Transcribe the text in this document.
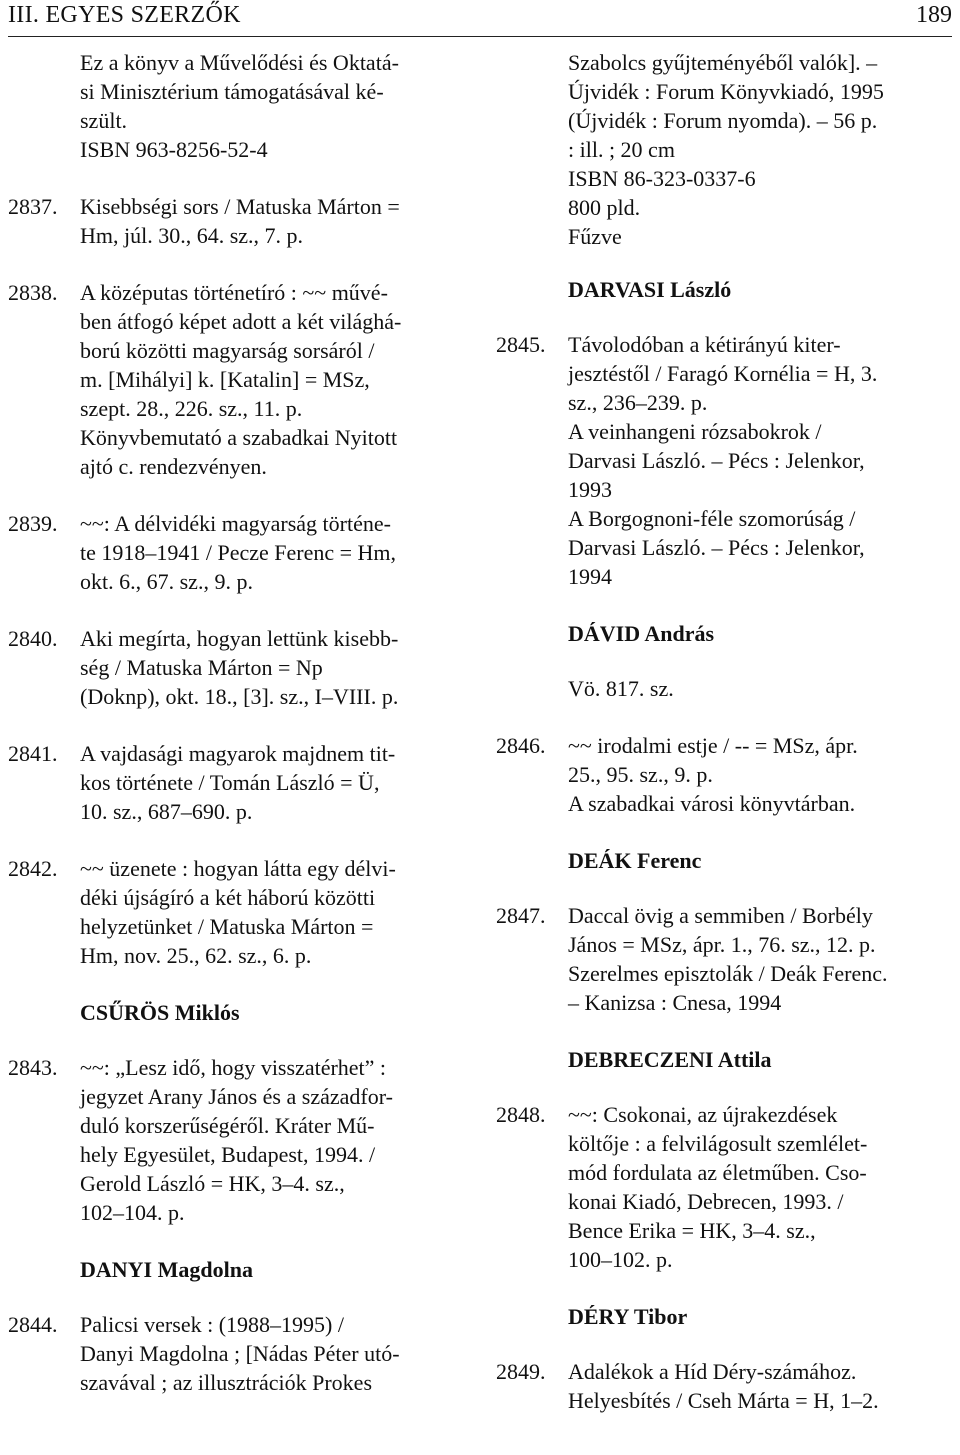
III. EGYES SZERZŐK	189
Ez a könyv a Művelődési és Oktatá-
si Minisztérium támogatásával ké-
szült.
ISBN 963-8256-52-4
2837. Kisebbségi sors / Matuska Márton =
Hm, júl. 30., 64. sz., 7. p.
2838. A középutas történetíró : ~~ művé-
ben átfogó képet adott a két világhá-
ború közötti magyarság sorsáról /
m. [Mihályi] k. [Katalin] = MSz,
szept. 28., 226. sz., 11. p.
Könyvbemutató a szabadkai Nyitott
ajtó c. rendezvényen.
2839. ~~: A délvidéki magyarság történe-
te 1918–1941 / Pecze Ferenc = Hm,
okt. 6., 67. sz., 9. p.
2840. Aki megírta, hogyan lettünk kisebb-
ség / Matuska Márton = Np
(Doknp), okt. 18., [3]. sz., I–VIII. p.
2841. A vajdasági magyarok majdnem tit-
kos története / Tomán László = Ü,
10. sz., 687–690. p.
2842. ~~ üzenete : hogyan látta egy délvi-
déki újságíró a két háború közötti
helyzetünket / Matuska Márton =
Hm, nov. 25., 62. sz., 6. p.
CSŰRÖS Miklós
2843. ~~: „Lesz idő, hogy visszatérhet” :
jegyzet Arany János és a századfor-
duló korszerűségéről. Kráter Mű-
hely Egyesület, Budapest, 1994. /
Gerold László = HK, 3–4. sz.,
102–104. p.
DANYI Magdolna
2844. Palicsi versek : (1988–1995) /
Danyi Magdolna ; [Nádas Péter utó-
szavával ; az illusztrációk Prokes
Szabolcs gyűjteményéből valók]. –
Újvidék : Forum Könyvkiadó, 1995
(Újvidék : Forum nyomda). – 56 p.
: ill. ; 20 cm
ISBN 86-323-0337-6
800 pld.
Fűzve
DARVASI László
2845. Távolodóban a kétirányú kiter-
jesztéstől / Faragó Kornélia = H, 3.
sz., 236–239. p.
A veinhangeni rózsabokrok /
Darvasi László. – Pécs : Jelenkor,
1993
A Borgognoni-féle szomorúság /
Darvasi László. – Pécs : Jelenkor,
1994
DÁVID András
Vö. 817. sz.
2846. ~~ irodalmi estje / -- = MSz, ápr.
25., 95. sz., 9. p.
A szabadkai városi könyvtárban.
DEÁK Ferenc
2847. Daccal övig a semmiben / Borbély
János = MSz, ápr. 1., 76. sz., 12. p.
Szerelmes episztolák / Deák Ferenc.
– Kanizsa : Cnesa, 1994
DEBRECZENI Attila
2848. ~~: Csokonai, az újrakezdések
költője : a felvilágosult szemlélet-
mód fordulata az életműben. Cso-
konai Kiadó, Debrecen, 1993. /
Bence Erika = HK, 3–4. sz.,
100–102. p.
DÉRY Tibor
2849. Adalékok a Híd Déry-számához.
Helyesbítés / Cseh Márta = H, 1–2.
